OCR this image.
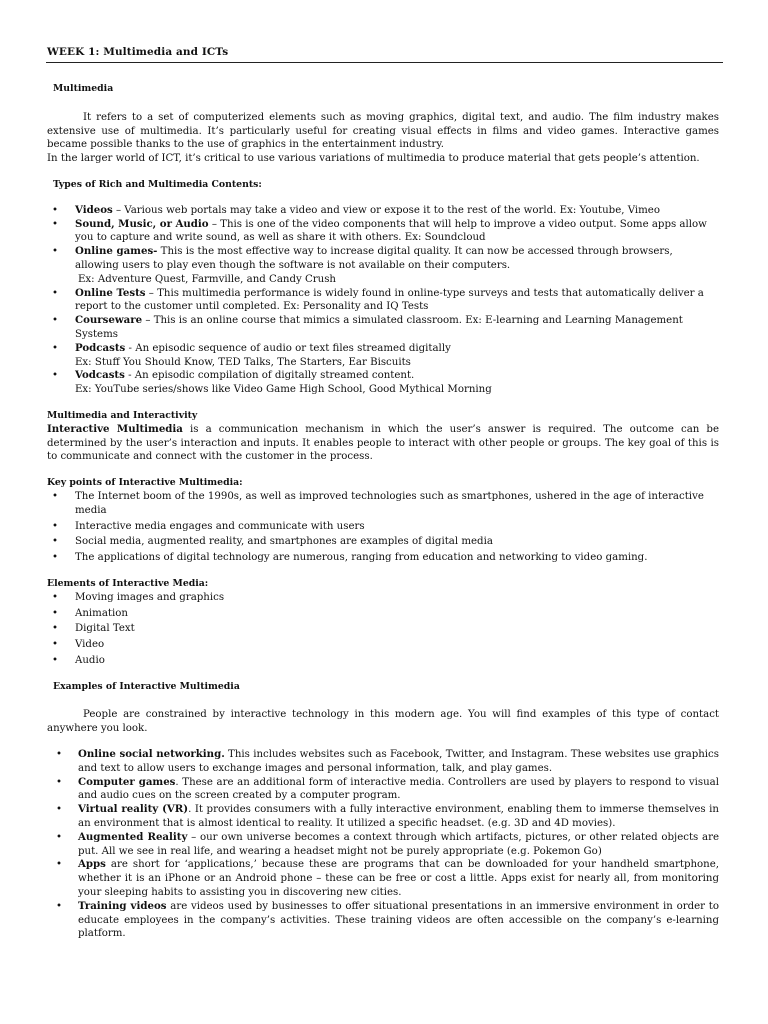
WEEK 1: Multimedia and ICTs
Multimedia

It refers to a set of computerized elements such as moving graphics, digital text, and audio. The film industry makes extensive use of multimedia. It’s particularly useful for creating visual effects in films and video games. Interactive games became possible thanks to the use of graphics in the entertainment industry.

In the larger world of ICT, it’s critical to use various variations of multimedia to produce material that gets people’s attention.

Types of Rich and Multimedia Contents:
• Videos – Various web portals may take a video and view or expose it to the rest of the world. Ex: Youtube, Vimeo
• Sound, Music, or Audio – This is one of the video components that will help to improve a video output. Some apps allow you to capture and write sound, as well as share it with others. Ex: Soundcloud
• Online games- This is the most effective way to increase digital quality. It can now be accessed through browsers, allowing users to play even though the software is not available on their computers.
Ex: Adventure Quest, Farmville, and Candy Crush
• Online Tests – This multimedia performance is widely found in online-type surveys and tests that automatically deliver a report to the customer until completed. Ex: Personality and IQ Tests
• Courseware – This is an online course that mimics a simulated classroom. Ex: E-learning and Learning Management Systems
• Podcasts - An episodic sequence of audio or text files streamed digitally
Ex: Stuff You Should Know, TED Talks, The Starters, Ear Biscuits
• Vodcasts - An episodic compilation of digitally streamed content.
Ex: YouTube series/shows like Video Game High School, Good Mythical Morning
Multimedia and Interactivity

Interactive Multimedia is a communication mechanism in which the user’s answer is required. The outcome can be determined by the user’s interaction and inputs. It enables people to interact with other people or groups. The key goal of this is to communicate and connect with the customer in the process.

Key points of Interactive Multimedia:
• The Internet boom of the 1990s, as well as improved technologies such as smartphones, ushered in the age of interactive media
• Interactive media engages and communicate with users
• Social media, augmented reality, and smartphones are examples of digital media
• The applications of digital technology are numerous, ranging from education and networking to video gaming.
Elements of Interactive Media:
• Moving images and graphics
• Animation
• Digital Text
• Video
• Audio
Examples of Interactive Multimedia

People are constrained by interactive technology in this modern age. You will find examples of this type of contact anywhere you look.

• Online social networking. This includes websites such as Facebook, Twitter, and Instagram. These websites use graphics and text to allow users to exchange images and personal information, talk, and play games.
• Computer games. These are an additional form of interactive media. Controllers are used by players to respond to visual and audio cues on the screen created by a computer program.
• Virtual reality (VR). It provides consumers with a fully interactive environment, enabling them to immerse themselves in an environment that is almost identical to reality. It utilized a specific headset. (e.g. 3D and 4D movies).
• Augmented Reality – our own universe becomes a context through which artifacts, pictures, or other related objects are put. All we see in real life, and wearing a headset might not be purely appropriate (e.g. Pokemon Go)
• Apps are short for ‘applications,’ because these are programs that can be downloaded for your handheld smartphone, whether it is an iPhone or an Android phone – these can be free or cost a little. Apps exist for nearly all, from monitoring your sleeping habits to assisting you in discovering new cities.
• Training videos are videos used by businesses to offer situational presentations in an immersive environment in order to educate employees in the company’s activities. These training videos are often accessible on the company’s e-learning platform.
